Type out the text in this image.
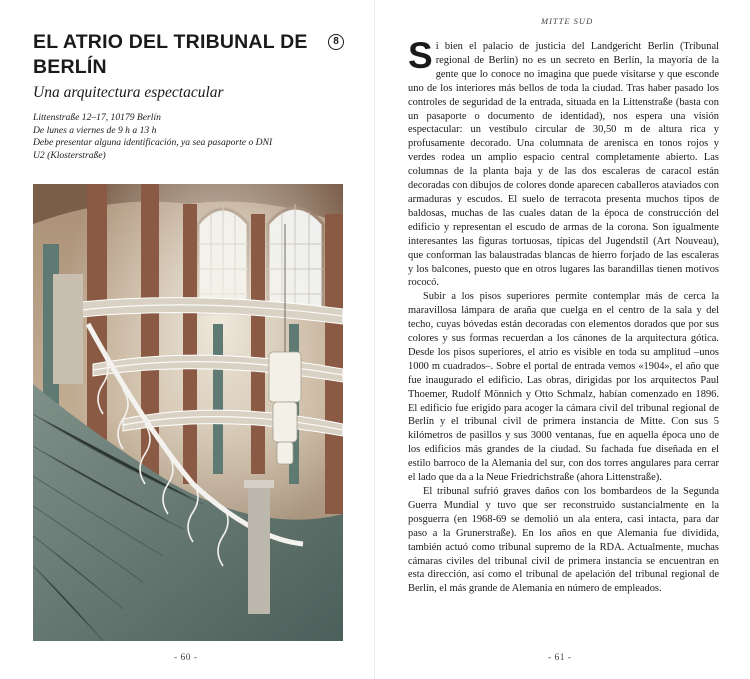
EL ATRIO DEL TRIBUNAL DE BERLÍN
8
Una arquitectura espectacular
Littenstraße 12–17, 10179 Berlín
De lunes a viernes de 9 h a 13 h
Debe presentar alguna identificación, ya sea pasaporte o DNI
U2 (Klosterstraße)
- 60 -
MITTE SUD

Si bien el palacio de justicia del Landgericht Berlin (Tribunal regional de Berlín) no es un secreto en Berlín, la mayoría de la gente que lo conoce no imagina que puede visitarse y que esconde uno de los interiores más bellos de toda la ciudad. Tras haber pasado los controles de seguridad de la entrada, situada en la Littenstraße (basta con un pasaporte o documento de identidad), nos espera una visión espectacular: un vestíbulo circular de 30,50 m de altura rica y profusamente decorado. Una columnata de arenisca en tonos rojos y verdes rodea un amplio espacio central completamente abierto. Las columnas de la planta baja y de las dos escaleras de caracol están decoradas con dibujos de colores donde aparecen caballeros ataviados con armaduras y escudos. El suelo de terracota presenta muchos tipos de baldosas, muchas de las cuales datan de la época de construcción del edificio y representan el escudo de armas de la corona. Son igualmente interesantes las figuras tortuosas, típicas del Jugendstil (Art Nouveau), que conforman las balaustradas blancas de hierro forjado de las escaleras y los balcones, puesto que en otros lugares las barandillas tienen motivos rococó.

Subir a los pisos superiores permite contemplar más de cerca la maravillosa lámpara de araña que cuelga en el centro de la sala y del techo, cuyas bóvedas están decoradas con elementos dorados que por sus colores y sus formas recuerdan a los cánones de la arquitectura gótica. Desde los pisos superiores, el atrio es visible en toda su amplitud –unos 1000 m cuadrados–. Sobre el portal de entrada vemos «1904», el año que fue inaugurado el edificio. Las obras, dirigidas por los arquitectos Paul Thoemer, Rudolf Mönnich y Otto Schmalz, habían comenzado en 1896. El edificio fue erigido para acoger la cámara civil del tribunal regional de Berlín y el tribunal civil de primera instancia de Mitte. Con sus 5 kilómetros de pasillos y sus 3000 ventanas, fue en aquella época uno de los edificios más grandes de la ciudad. Su fachada fue diseñada en el estilo barroco de la Alemania del sur, con dos torres angulares para cerrar el lado que da a la Neue Friedrichstraße (ahora Littenstraße).

El tribunal sufrió graves daños con los bombardeos de la Segunda Guerra Mundial y tuvo que ser reconstruido sustancialmente en la posguerra (en 1968-69 se demolió un ala entera, casi intacta, para dar paso a la Grunerstraße). En los años en que Alemania fue dividida, también actuó como tribunal supremo de la RDA. Actualmente, muchas cámaras civiles del tribunal civil de primera instancia se encuentran en esta dirección, así como el tribunal de apelación del tribunal regional de Berlín, el más grande de Alemania en número de empleados.

- 61 -
